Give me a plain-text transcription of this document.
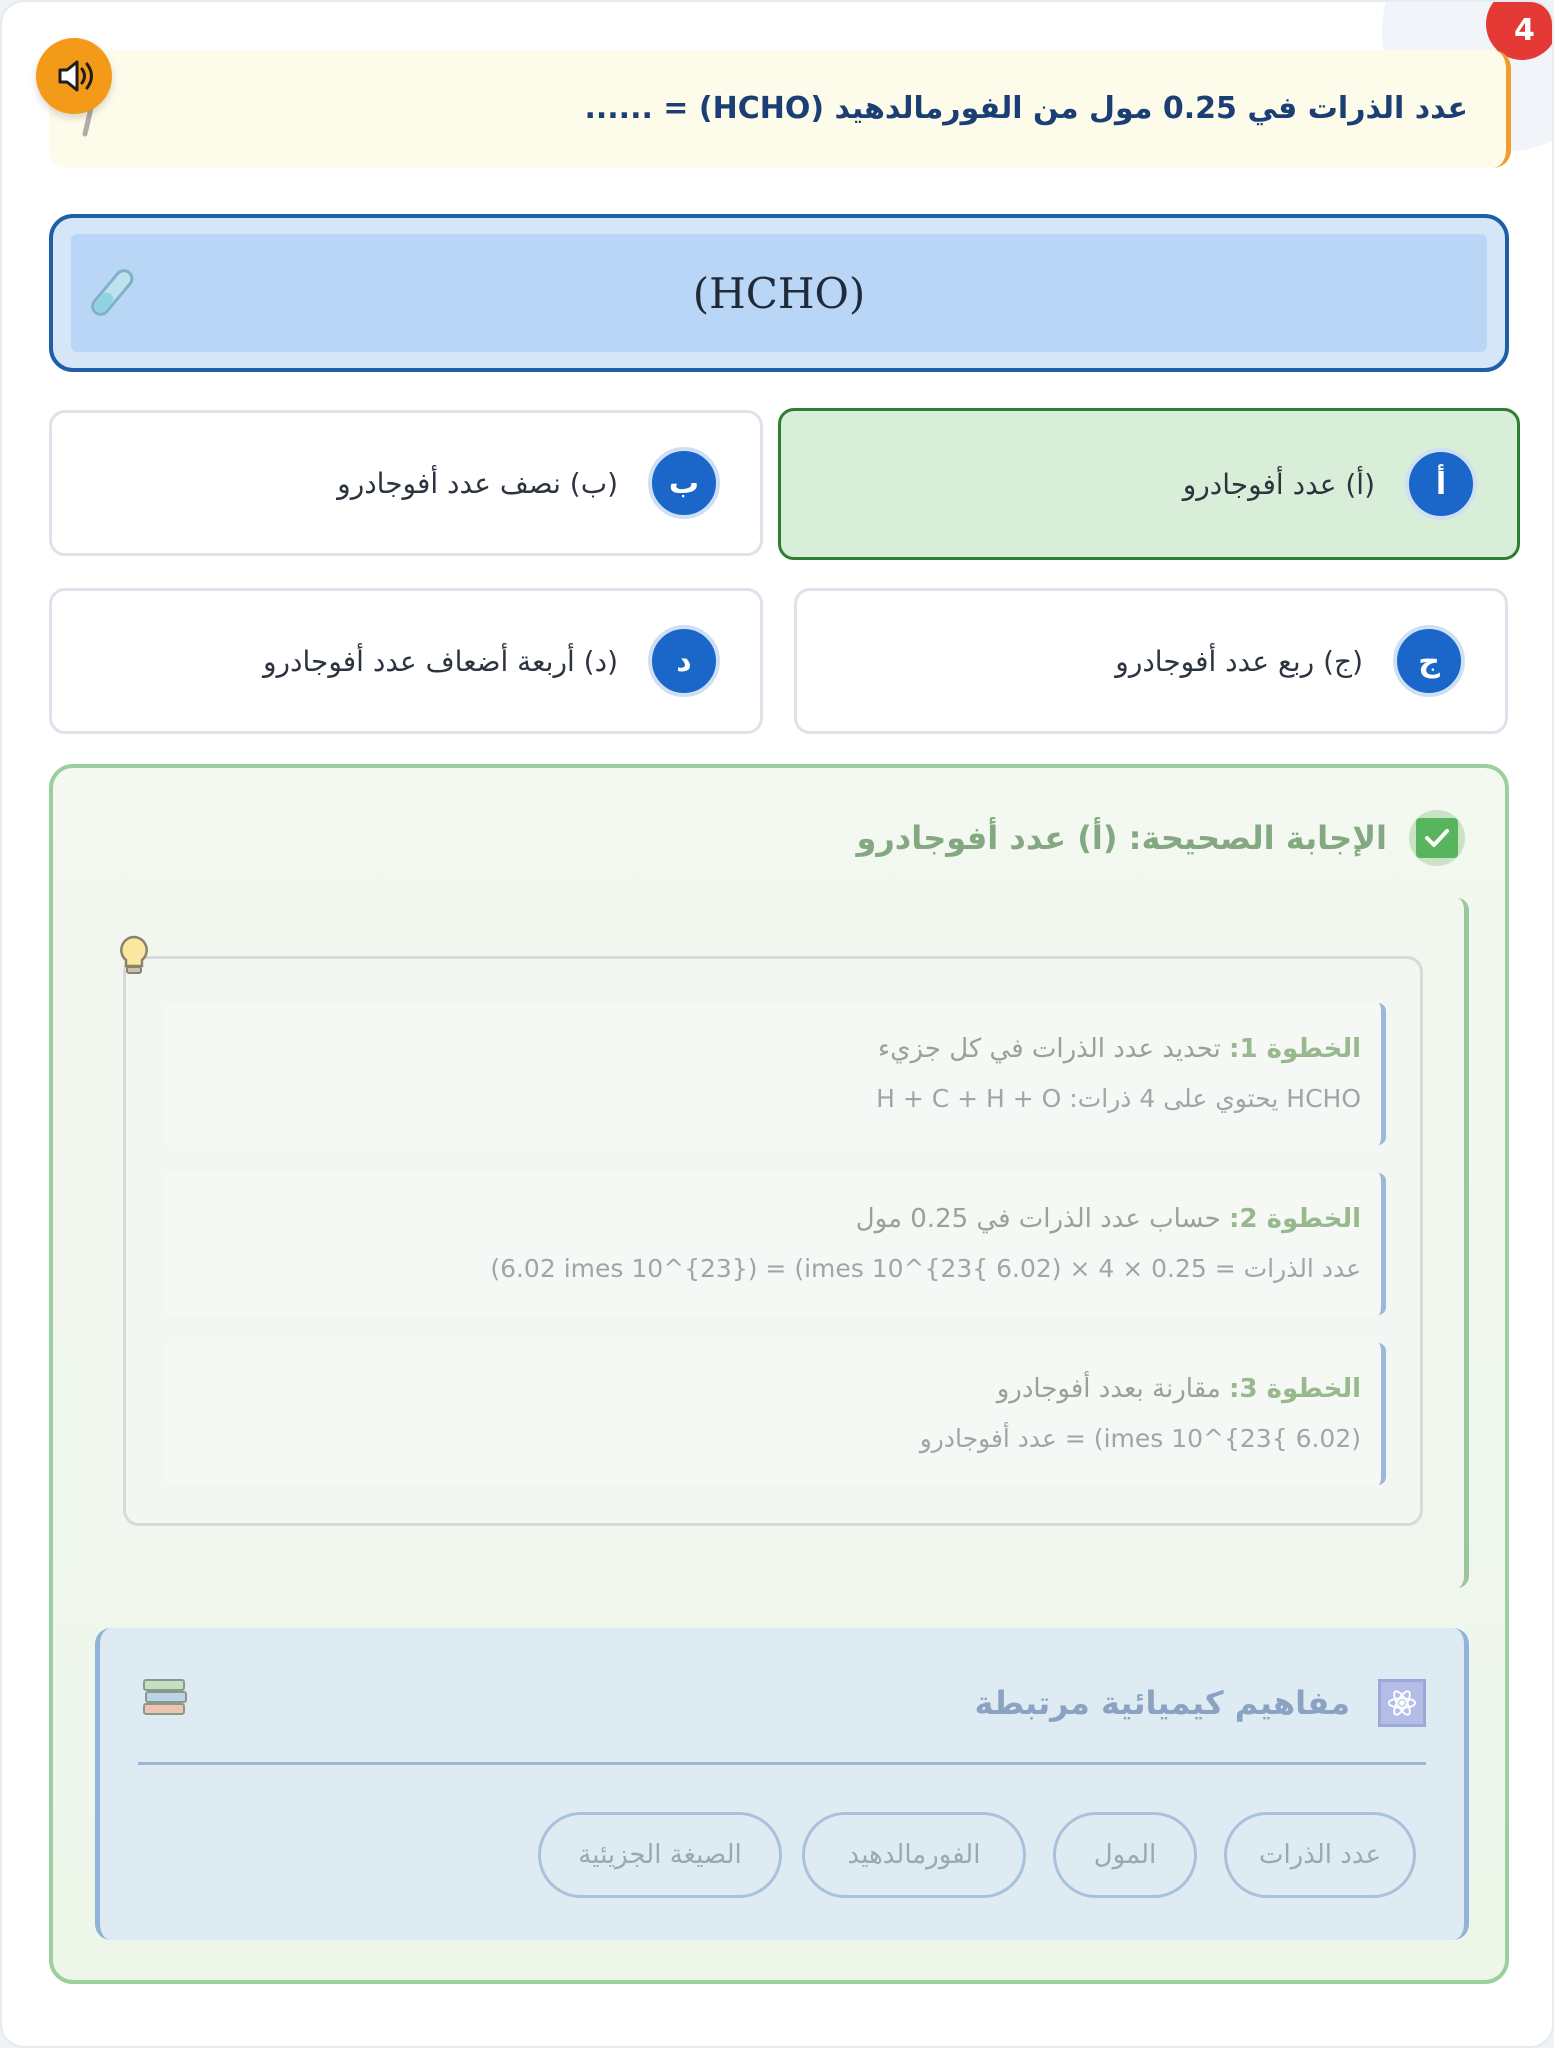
4
عدد الذرات في 0.25 مول من الفورمالدهيد (HCHO) = ......
(HCHO)
أ
(أ) عدد أفوجادرو
ب
(ب) نصف عدد أفوجادرو
ج
(ج) ربع عدد أفوجادرو
د
(د) أربعة أضعاف عدد أفوجادرو
الإجابة الصحيحة: (أ) عدد أفوجادرو
الخطوة 1: تحديد عدد الذرات في كل جزيء
HCHO يحتوي على 4 ذرات: H + C + H + O
الخطوة 2: حساب عدد الذرات في 0.25 مول
عدد الذرات = 0.25 × 4 × (6.02 }imes 10^{23) = (6.02 imes 10^{23})
الخطوة 3: مقارنة بعدد أفوجادرو
(6.02 }imes 10^{23) = عدد أفوجادرو
مفاهيم كيميائية مرتبطة
عدد الذرات
المول
الفورمالدهيد
الصيغة الجزيئية
